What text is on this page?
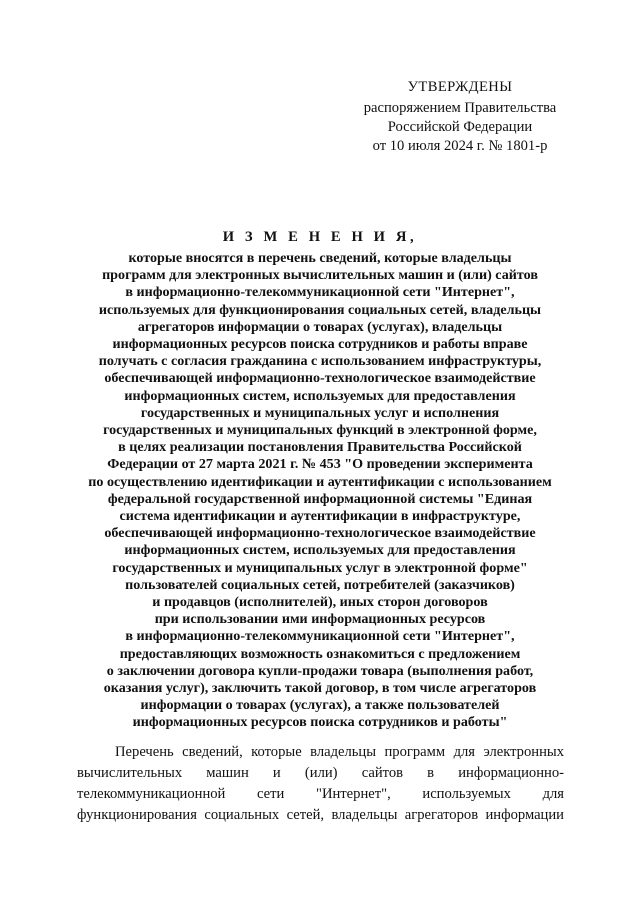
УТВЕРЖДЕНЫ
распоряжением Правительства
Российской Федерации
от 10 июля 2024 г. № 1801-р
И З М Е Н Е Н И Я,
которые вносятся в перечень сведений, которые владельцы
программ для электронных вычислительных машин и (или) сайтов
в информационно-телекоммуникационной сети "Интернет",
используемых для функционирования социальных сетей, владельцы
агрегаторов информации о товарах (услугах), владельцы
информационных ресурсов поиска сотрудников и работы вправе
получать с согласия гражданина с использованием инфраструктуры,
обеспечивающей информационно-технологическое взаимодействие
информационных систем, используемых для предоставления
государственных и муниципальных услуг и исполнения
государственных и муниципальных функций в электронной форме,
в целях реализации постановления Правительства Российской
Федерации от 27 марта 2021 г. № 453 "О проведении эксперимента
по осуществлению идентификации и аутентификации с использованием
федеральной государственной информационной системы "Единая
система идентификации и аутентификации в инфраструктуре,
обеспечивающей информационно-технологическое взаимодействие
информационных систем, используемых для предоставления
государственных и муниципальных услуг в электронной форме"
пользователей социальных сетей, потребителей (заказчиков)
и продавцов (исполнителей), иных сторон договоров
при использовании ими информационных ресурсов
в информационно-телекоммуникационной сети "Интернет",
предоставляющих возможность ознакомиться с предложением
о заключении договора купли-продажи товара (выполнения работ,
оказания услуг), заключить такой договор, в том числе агрегаторов
информации о товарах (услугах), а также пользователей
информационных ресурсов поиска сотрудников и работы"
Перечень сведений, которые владельцы программ для электронных
вычислительных машин и (или) сайтов в информационно-
телекоммуникационной сети "Интернет", используемых для
функционирования социальных сетей, владельцы агрегаторов информации
